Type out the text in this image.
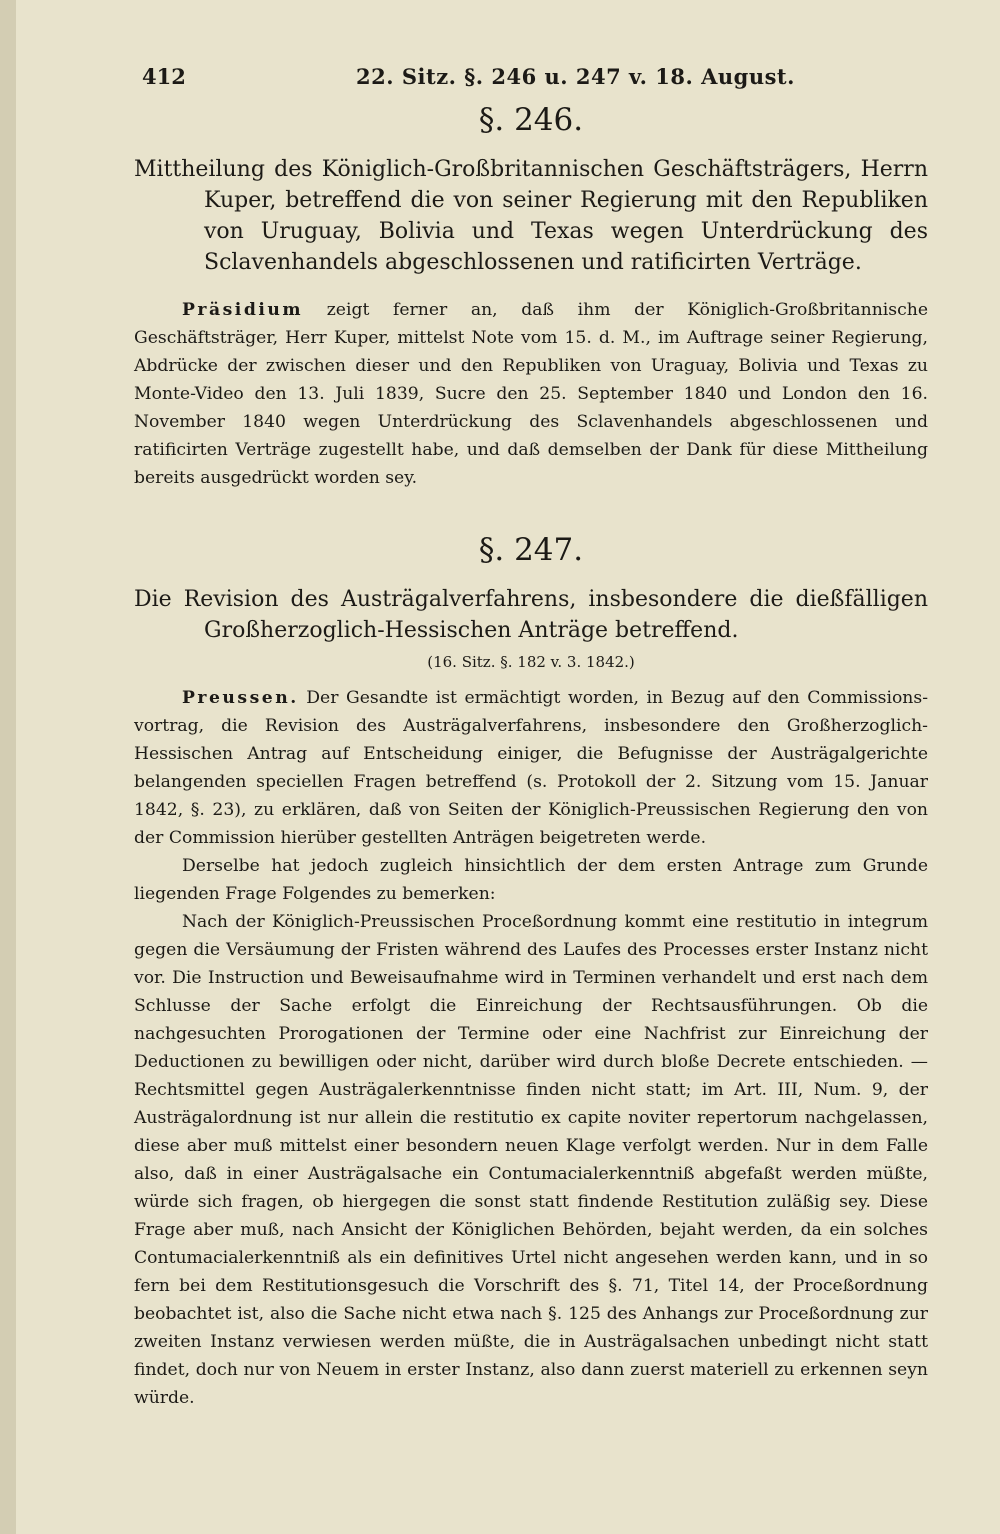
412	22. Sitz. §. 246 u. 247 v. 18. August.
§. 246.

Mittheilung des Königlich-Großbritannischen Geschäftsträgers, Herrn Kuper, betreffend die von seiner Regierung mit den Republiken von Uruguay, Bolivia und Texas wegen Unterdrückung des Sclavenhandels abgeschlossenen und ratificirten Verträge.

Präsidium zeigt ferner an, daß ihm der Königlich-Großbritannische Geschäftsträger, Herr Kuper, mittelst Note vom 15. d. M., im Auftrage seiner Regierung, Abdrücke der zwischen dieser und den Republiken von Uraguay, Bolivia und Texas zu Monte-Video den 13. Juli 1839, Sucre den 25. September 1840 und London den 16. November 1840 wegen Unterdrückung des Sclavenhandels abgeschlossenen und ratificirten Verträge zugestellt habe, und daß demselben der Dank für diese Mittheilung bereits ausgedrückt worden sey.

§. 247.

Die Revision des Austrägalverfahrens, insbesondere die dießfälligen Großherzoglich-Hessischen Anträge betreffend.

(16. Sitz. §. 182 v. 3. 1842.)

Preussen. Der Gesandte ist ermächtigt worden, in Bezug auf den Commissions-vortrag, die Revision des Austrägalverfahrens, insbesondere den Großherzoglich-Hessischen Antrag auf Entscheidung einiger, die Befugnisse der Austrägalgerichte belangenden speciellen Fragen betreffend (s. Protokoll der 2. Sitzung vom 15. Januar 1842, §. 23), zu erklären, daß von Seiten der Königlich-Preussischen Regierung den von der Commission hierüber gestellten Anträgen beigetreten werde.

Derselbe hat jedoch zugleich hinsichtlich der dem ersten Antrage zum Grunde liegenden Frage Folgendes zu bemerken:

Nach der Königlich-Preussischen Proceßordnung kommt eine restitutio in integrum gegen die Versäumung der Fristen während des Laufes des Processes erster Instanz nicht vor. Die Instruction und Beweisaufnahme wird in Terminen verhandelt und erst nach dem Schlusse der Sache erfolgt die Einreichung der Rechtsausführungen. Ob die nachgesuchten Prorogationen der Termine oder eine Nachfrist zur Einreichung der Deductionen zu bewilligen oder nicht, darüber wird durch bloße Decrete entschieden. — Rechtsmittel gegen Austrägalerkenntnisse finden nicht statt; im Art. III, Num. 9, der Austrägalordnung ist nur allein die restitutio ex capite noviter repertorum nachgelassen, diese aber muß mittelst einer besondern neuen Klage verfolgt werden. Nur in dem Falle also, daß in einer Austrägalsache ein Contumacialerkenntniß abgefaßt werden müßte, würde sich fragen, ob hiergegen die sonst statt findende Restitution zuläßig sey. Diese Frage aber muß, nach Ansicht der Königlichen Behörden, bejaht werden, da ein solches Contumacialerkenntniß als ein definitives Urtel nicht angesehen werden kann, und in so fern bei dem Restitutionsgesuch die Vorschrift des §. 71, Titel 14, der Proceßordnung beobachtet ist, also die Sache nicht etwa nach §. 125 des Anhangs zur Proceßordnung zur zweiten Instanz verwiesen werden müßte, die in Austrägalsachen unbedingt nicht statt findet, doch nur von Neuem in erster Instanz, also dann zuerst materiell zu erkennen seyn würde.
